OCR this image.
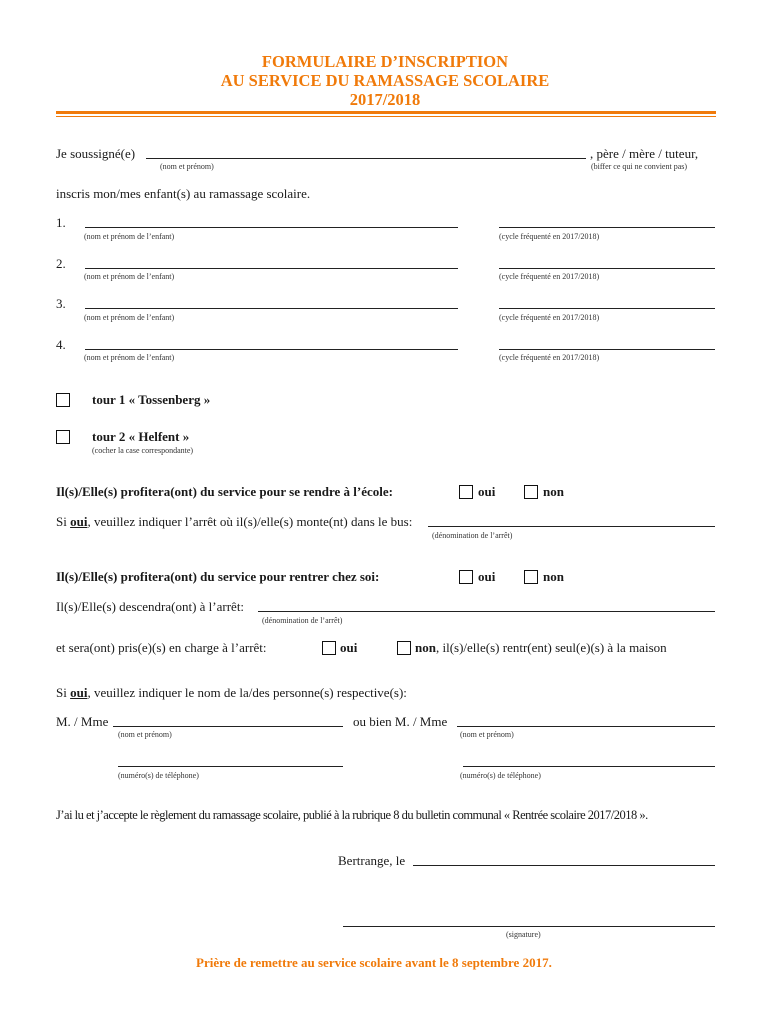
FORMULAIRE D’INSCRIPTION
AU SERVICE DU RAMASSAGE SCOLAIRE
2017/2018
Je soussigné(e)	, père / mère / tuteur,
(nom et prénom)	(biffer ce qui ne convient pas)
inscris mon/mes enfant(s) au ramassage scolaire.
1.
(nom et prénom de l’enfant)	(cycle fréquenté en 2017/2018)
2.
(nom et prénom de l’enfant)	(cycle fréquenté en 2017/2018)
3.
(nom et prénom de l’enfant)	(cycle fréquenté en 2017/2018)
4.
(nom et prénom de l’enfant)	(cycle fréquenté en 2017/2018)
tour 1 « Tossenberg »
tour 2 « Helfent »
(cocher la case correspondante)
Il(s)/Elle(s) profitera(ont) du service pour se rendre à l’école:	oui	non
Si oui, veuillez indiquer l’arrêt où il(s)/elle(s) monte(nt) dans le bus:
(dénomination de l’arrêt)
Il(s)/Elle(s) profitera(ont) du service pour rentrer chez soi:	oui	non
Il(s)/Elle(s) descendra(ont) à l’arrêt:
(dénomination de l’arrêt)
et sera(ont) pris(e)(s) en charge à l’arrêt:	oui	non, il(s)/elle(s) rentr(ent) seul(e)(s) à la maison
Si oui, veuillez indiquer le nom de la/des personne(s) respective(s):
M. / Mme	ou bien M. / Mme
(nom et prénom)	(nom et prénom)
(numéro(s) de téléphone)	(numéro(s) de téléphone)
J’ai lu et j’accepte le règlement du ramassage scolaire, publié à la rubrique 8 du bulletin communal « Rentrée scolaire 2017/2018 ».
Bertrange, le
(signature)
Prière de remettre au service scolaire avant le 8 septembre 2017.
